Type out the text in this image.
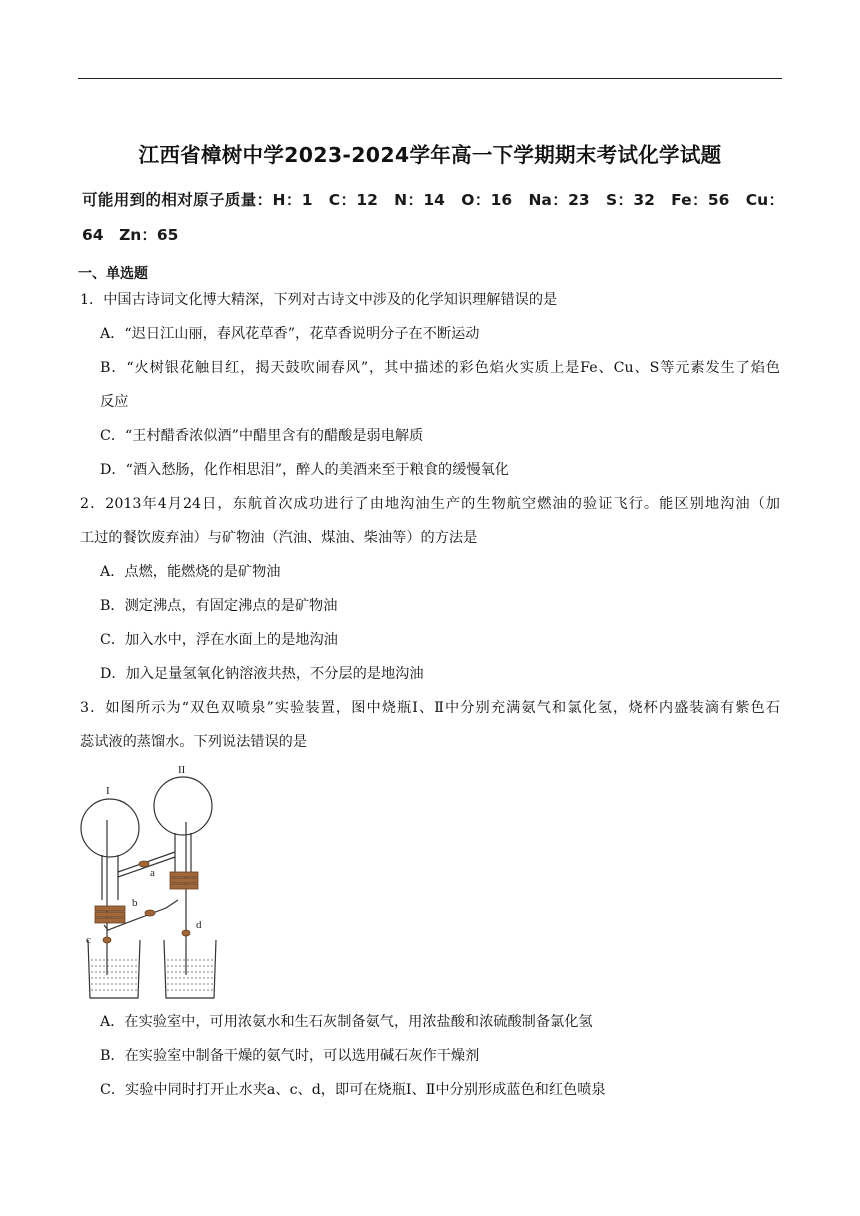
江西省樟树中学2023-2024学年高一下学期期末考试化学试题
可能用到的相对原子质量：H：1　C：12　N：14　O：16　Na：23　S：32　Fe：56　Cu：64　Zn：65
一、单选题
1．中国古诗词文化博大精深，下列对古诗文中涉及的化学知识理解错误的是
A．“迟日江山丽，春风花草香”，花草香说明分子在不断运动
B．“火树银花触目红，揭天鼓吹闹春风”，其中描述的彩色焰火实质上是Fe、Cu、S等元素发生了焰色
反应
C．“王村醋香浓似酒”中醋里含有的醋酸是弱电解质
D．“酒入愁肠，化作相思泪”，醉人的美酒来至于粮食的缓慢氧化
2．2013年4月24日，东航首次成功进行了由地沟油生产的生物航空燃油的验证飞行。能区别地沟油（加
工过的餐饮废弃油）与矿物油（汽油、煤油、柴油等）的方法是
A．点燃，能燃烧的是矿物油
B．测定沸点，有固定沸点的是矿物油
C．加入水中，浮在水面上的是地沟油
D．加入足量氢氧化钠溶液共热，不分层的是地沟油
3．如图所示为“双色双喷泉”实验装置，图中烧瓶Ⅰ、Ⅱ中分别充满氨气和氯化氢，烧杯内盛装滴有紫色石
蕊试液的蒸馏水。下列说法错误的是
I
II
a
b
c
d
A．在实验室中，可用浓氨水和生石灰制备氨气，用浓盐酸和浓硫酸制备氯化氢
B．在实验室中制备干燥的氨气时，可以选用碱石灰作干燥剂
C．实验中同时打开止水夹a、c、d，即可在烧瓶Ⅰ、Ⅱ中分别形成蓝色和红色喷泉
